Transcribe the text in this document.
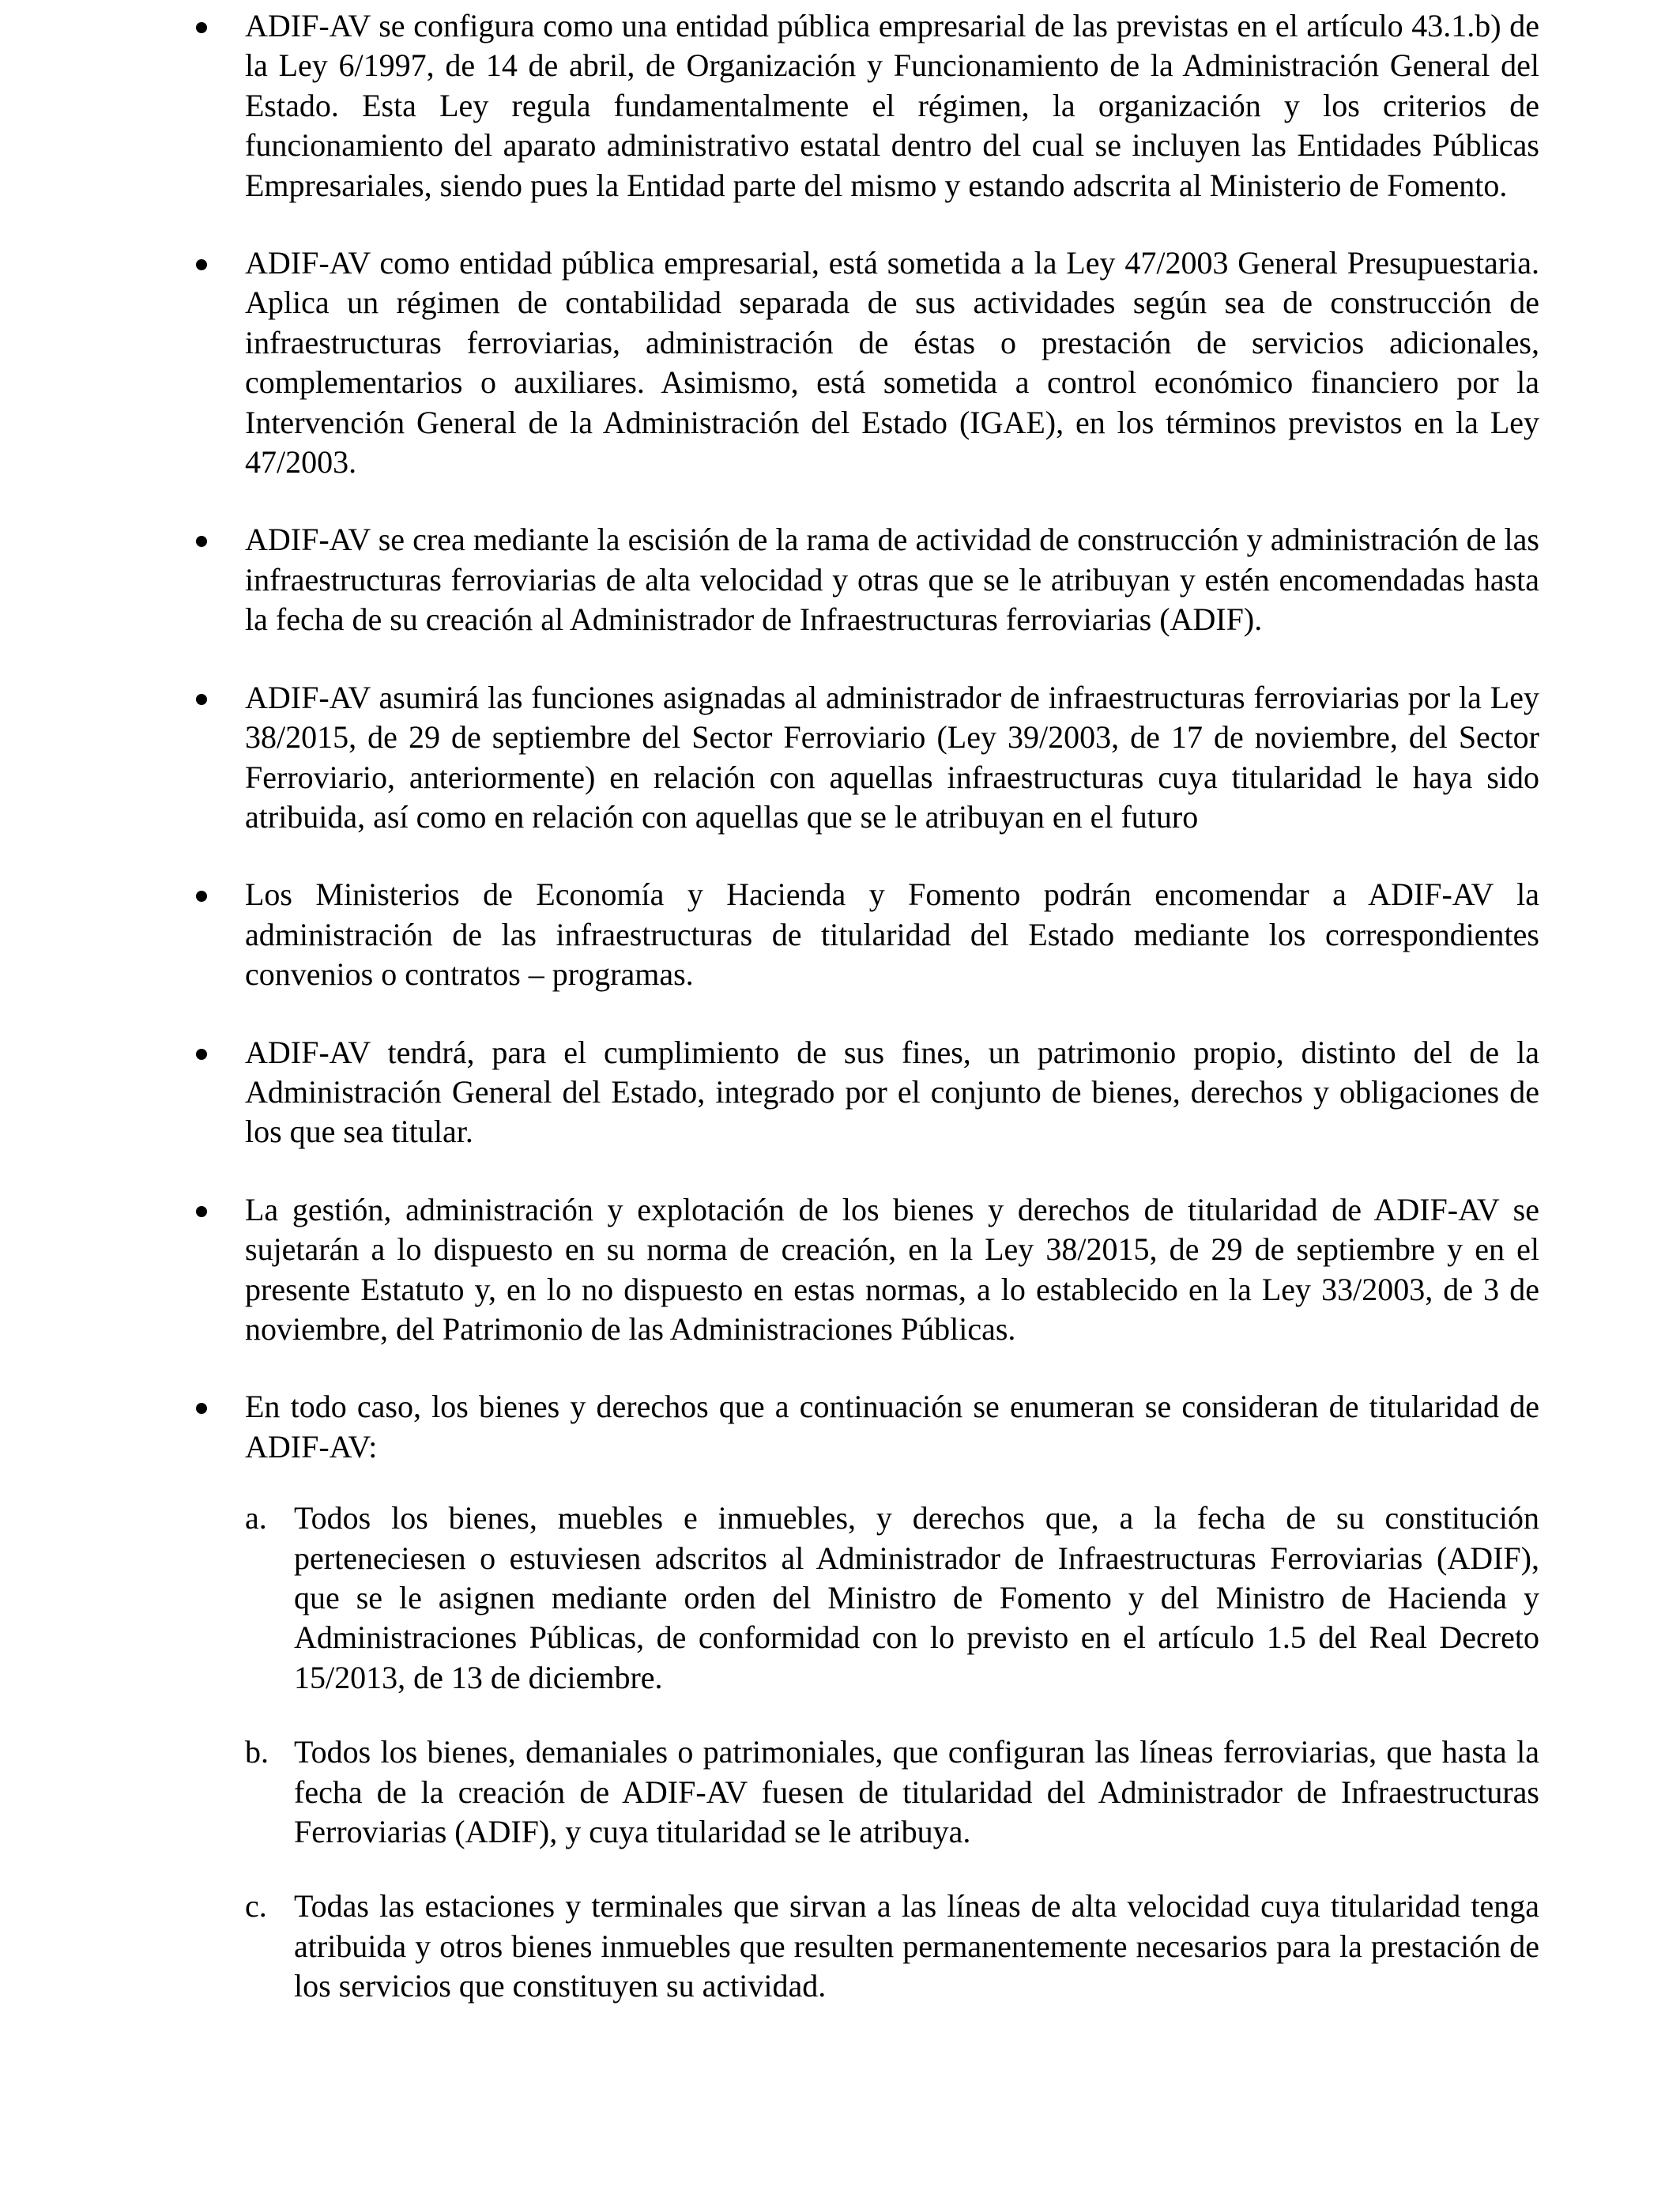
ADIF-AV se configura como una entidad pública empresarial de las previstas en el artículo 43.1.b) de la Ley 6/1997, de 14 de abril, de Organización y Funcionamiento de la Administración General del Estado. Esta Ley regula fundamentalmente el régimen, la organización y los criterios de funcionamiento del aparato administrativo estatal dentro del cual se incluyen las Entidades Públicas Empresariales, siendo pues la Entidad parte del mismo y estando adscrita al Ministerio de Fomento.
ADIF-AV como entidad pública empresarial, está sometida a la Ley 47/2003 General Presupuestaria. Aplica un régimen de contabilidad separada de sus actividades según sea de construcción de infraestructuras ferroviarias, administración de éstas o prestación de servicios adicionales, complementarios o auxiliares. Asimismo, está sometida a control económico financiero por la Intervención General de la Administración del Estado (IGAE), en los términos previstos en la Ley 47/2003.
ADIF-AV se crea mediante la escisión de la rama de actividad de construcción y administración de las infraestructuras ferroviarias de alta velocidad y otras que se le atribuyan y estén encomendadas hasta la fecha de su creación al Administrador de Infraestructuras ferroviarias (ADIF).
ADIF-AV asumirá las funciones asignadas al administrador de infraestructuras ferroviarias por la Ley 38/2015, de 29 de septiembre del Sector Ferroviario (Ley 39/2003, de 17 de noviembre, del Sector Ferroviario, anteriormente) en relación con aquellas infraestructuras cuya titularidad le haya sido atribuida, así como en relación con aquellas que se le atribuyan en el futuro
Los Ministerios de Economía y Hacienda y Fomento podrán encomendar a ADIF-AV la administración de las infraestructuras de titularidad del Estado mediante los correspondientes convenios o contratos – programas.
ADIF-AV tendrá, para el cumplimiento de sus fines, un patrimonio propio, distinto del de la Administración General del Estado, integrado por el conjunto de bienes, derechos y obligaciones de los que sea titular.
La gestión, administración y explotación de los bienes y derechos de titularidad de ADIF-AV se sujetarán a lo dispuesto en su norma de creación, en la Ley 38/2015, de 29 de septiembre y en el presente Estatuto y, en lo no dispuesto en estas normas, a lo establecido en la Ley 33/2003, de 3 de noviembre, del Patrimonio de las Administraciones Públicas.
En todo caso, los bienes y derechos que a continuación se enumeran se consideran de titularidad de ADIF-AV:
a. Todos los bienes, muebles e inmuebles, y derechos que, a la fecha de su constitución perteneciesen o estuviesen adscritos al Administrador de Infraestructuras Ferroviarias (ADIF), que se le asignen mediante orden del Ministro de Fomento y del Ministro de Hacienda y Administraciones Públicas, de conformidad con lo previsto en el artículo 1.5 del Real Decreto 15/2013, de 13 de diciembre.
b. Todos los bienes, demaniales o patrimoniales, que configuran las líneas ferroviarias, que hasta la fecha de la creación de ADIF-AV fuesen de titularidad del Administrador de Infraestructuras Ferroviarias (ADIF), y cuya titularidad se le atribuya.
c. Todas las estaciones y terminales que sirvan a las líneas de alta velocidad cuya titularidad tenga atribuida y otros bienes inmuebles que resulten permanentemente necesarios para la prestación de los servicios que constituyen su actividad.
